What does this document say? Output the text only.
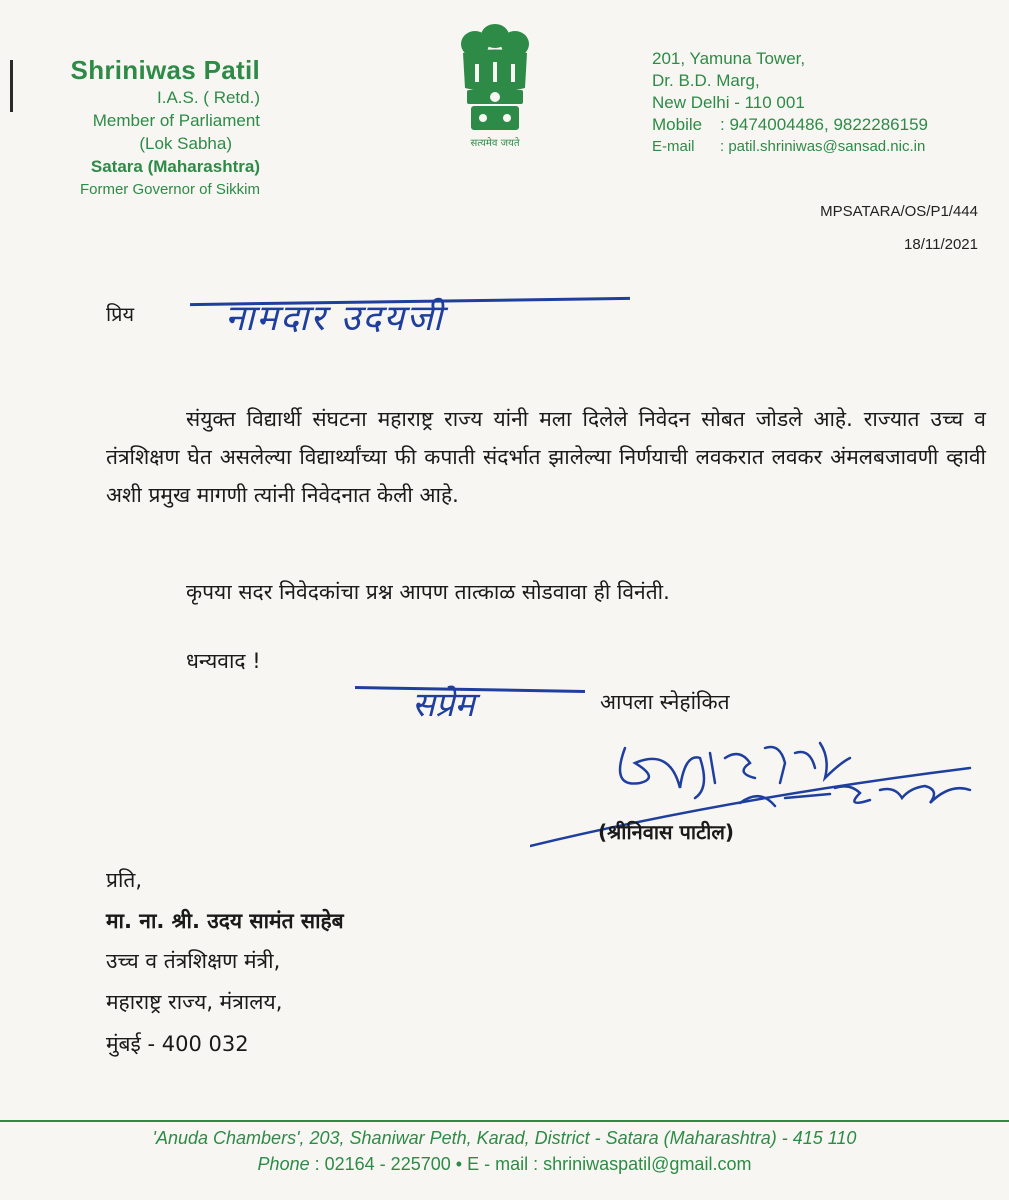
Shriniwas Patil
I.A.S. ( Retd.)
Member of Parliament
(Lok Sabha)
Satara (Maharashtra)
Former Governor of Sikkim
सत्यमेव जयते
201, Yamuna Tower,
Dr. B.D. Marg,
New Delhi - 110 001
Mobile : 9474004486, 9822286159
E-mail : patil.shriniwas@sansad.nic.in
MPSATARA/OS/P1/444
18/11/2021
प्रिय	नामदार उदयजी

संयुक्त विद्यार्थी संघटना महाराष्ट्र राज्य यांनी मला दिलेले निवेदन सोबत जोडले आहे. राज्यात उच्च व तंत्रशिक्षण घेत असलेल्या विद्यार्थ्यांच्या फी कपाती संदर्भात झालेल्या निर्णयाची लवकरात लवकर अंमलबजावणी व्हावी अशी प्रमुख मागणी त्यांनी निवेदनात केली आहे.

कृपया सदर निवेदकांचा प्रश्न आपण तात्काळ सोडवावा ही विनंती.
धन्यवाद !
सप्रेम	आपला स्नेहांकित
(श्रीनिवास पाटील)
प्रति,
मा. ना. श्री. उदय सामंत साहेब
उच्च व तंत्रशिक्षण मंत्री,
महाराष्ट्र राज्य, मंत्रालय,
मुंबई - 400 032
'Anuda Chambers', 203, Shaniwar Peth, Karad, District - Satara (Maharashtra) - 415 110
Phone : 02164 - 225700 • E - mail : shriniwaspatil@gmail.com
